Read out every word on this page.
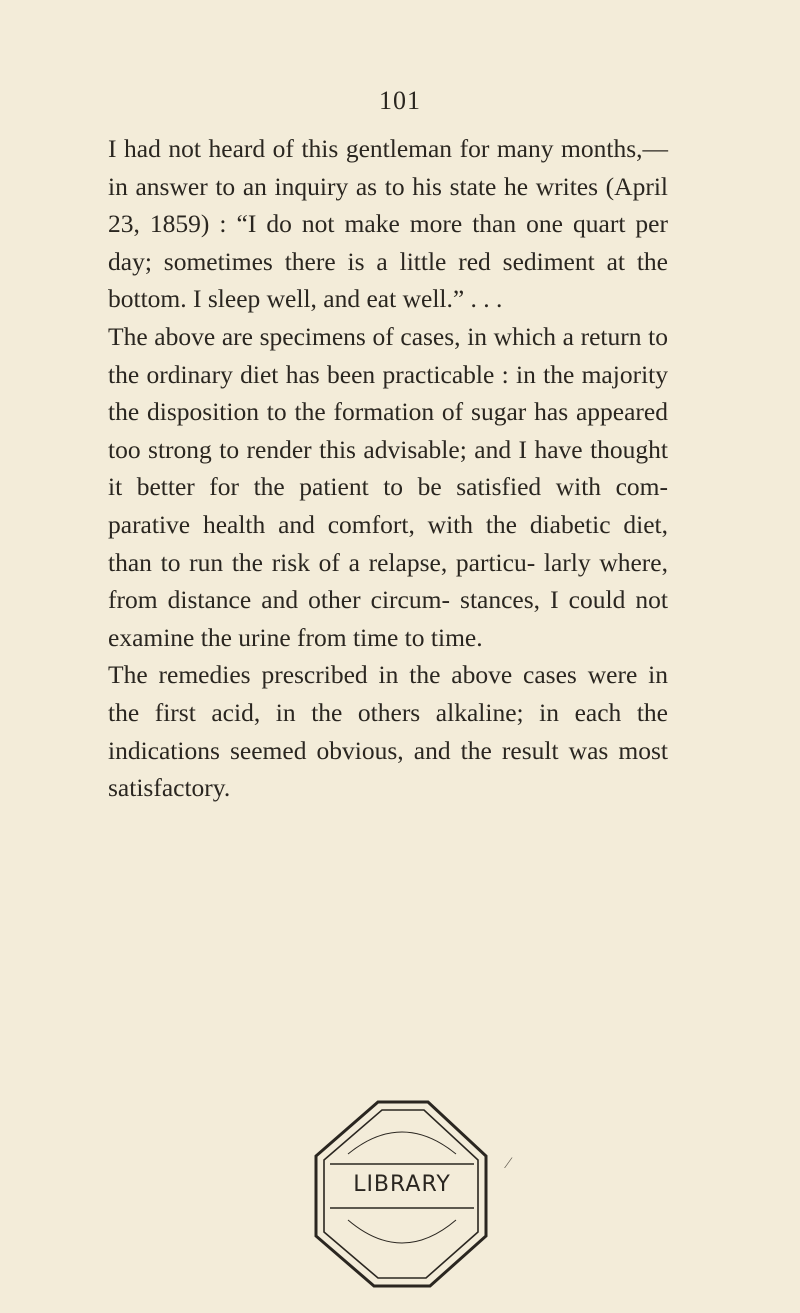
101

I had not heard of this gentleman for many months,—in answer to an inquiry as to his state he writes (April 23, 1859) : “I do not make more than one quart per day; sometimes there is a little red sediment at the bottom. I sleep well, and eat well.” . . .

The above are specimens of cases, in which a return to the ordinary diet has been practicable : in the majority the disposition to the formation of sugar has appeared too strong to render this advisable; and I have thought it better for the patient to be satisfied with com- parative health and comfort, with the diabetic diet, than to run the risk of a relapse, particu- larly where, from distance and other circum- stances, I could not examine the urine from time to time.

The remedies prescribed in the above cases were in the first acid, in the others alkaline; in each the indications seemed obvious, and the result was most satisfactory.

LIBRARY
⁄
